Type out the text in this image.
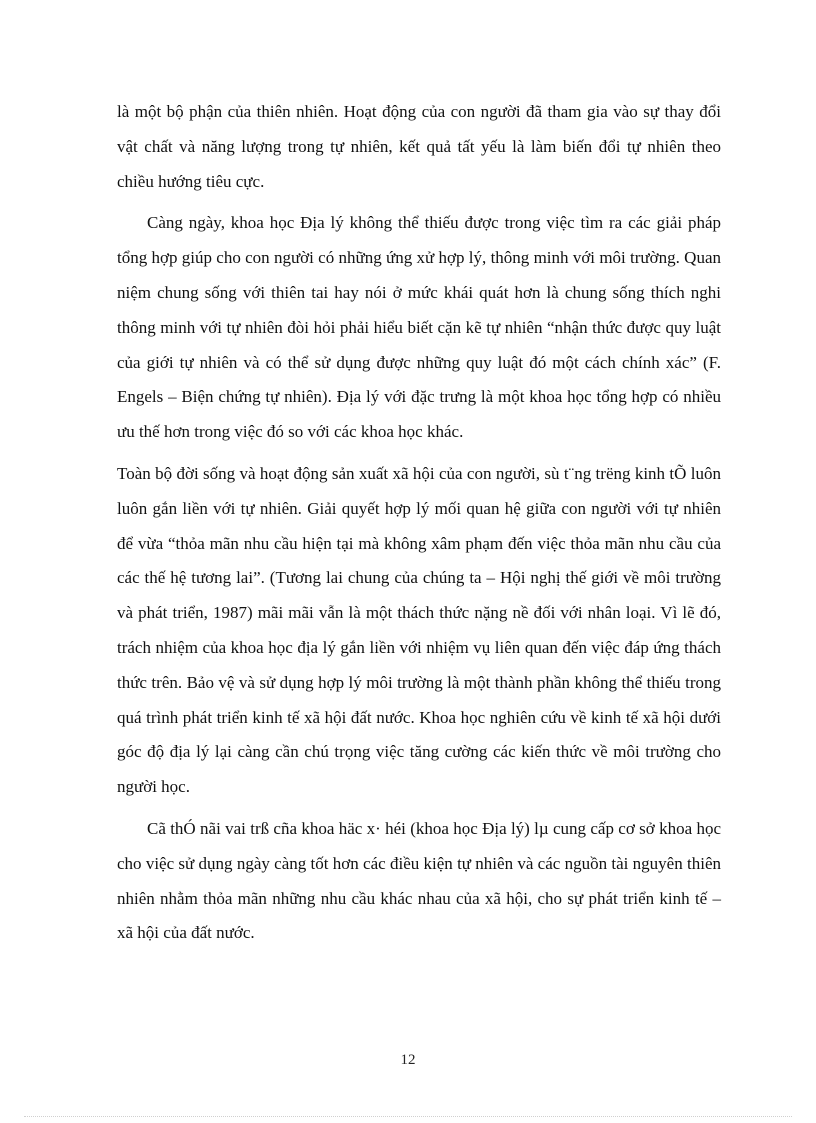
là một bộ phận của thiên nhiên. Hoạt động của con người đã tham gia vào sự thay đổi vật chất và năng lượng trong tự nhiên, kết quả tất yếu là làm biến đổi tự nhiên theo chiều hướng tiêu cực.

Càng ngày, khoa học Địa lý không thể thiếu được trong việc tìm ra các giải pháp tổng hợp giúp cho con người có những ứng xử hợp lý, thông minh với môi trường. Quan niệm chung sống với thiên tai hay nói ở mức khái quát hơn là chung sống thích nghi thông minh với tự nhiên đòi hỏi phải hiểu biết cặn kẽ tự nhiên “nhận thức được quy luật của giới tự nhiên và có thể sử dụng được những quy luật đó một cách chính xác” (F. Engels – Biện chứng tự nhiên). Địa lý với đặc trưng là một khoa học tổng hợp có nhiều ưu thế hơn trong việc đó so với các khoa học khác.

Toàn bộ đời sống và hoạt động sản xuất xã hội của con người, sù t¨ng trëng kinh tÕ luôn luôn gắn liền với tự nhiên. Giải quyết hợp lý mối quan hệ giữa con người với tự nhiên để vừa “thỏa mãn nhu cầu hiện tại mà không xâm phạm đến việc thỏa mãn nhu cầu của các thế hệ tương lai”. (Tương lai chung của chúng ta – Hội nghị thế giới về môi trường và phát triển, 1987) mãi mãi vẫn là một thách thức nặng nề đối với nhân loại. Vì lẽ đó, trách nhiệm của khoa học địa lý gắn liền với nhiệm vụ liên quan đến việc đáp ứng thách thức trên. Bảo vệ và sử dụng hợp lý môi trường là một thành phần không thể thiếu trong quá trình phát triển kinh tế xã hội đất nước. Khoa học nghiên cứu về kinh tế xã hội dưới góc độ địa lý lại càng cần chú trọng việc tăng cường các kiến thức về môi trường cho người học.

Cã thÓ nãi vai trß cña khoa häc x· héi (khoa học Địa lý) lµ cung cấp cơ sở khoa học cho việc sử dụng ngày càng tốt hơn các điều kiện tự nhiên và các nguồn tài nguyên thiên nhiên nhằm thỏa mãn những nhu cầu khác nhau của xã hội, cho sự phát triển kinh tế – xã hội của đất nước.

12
